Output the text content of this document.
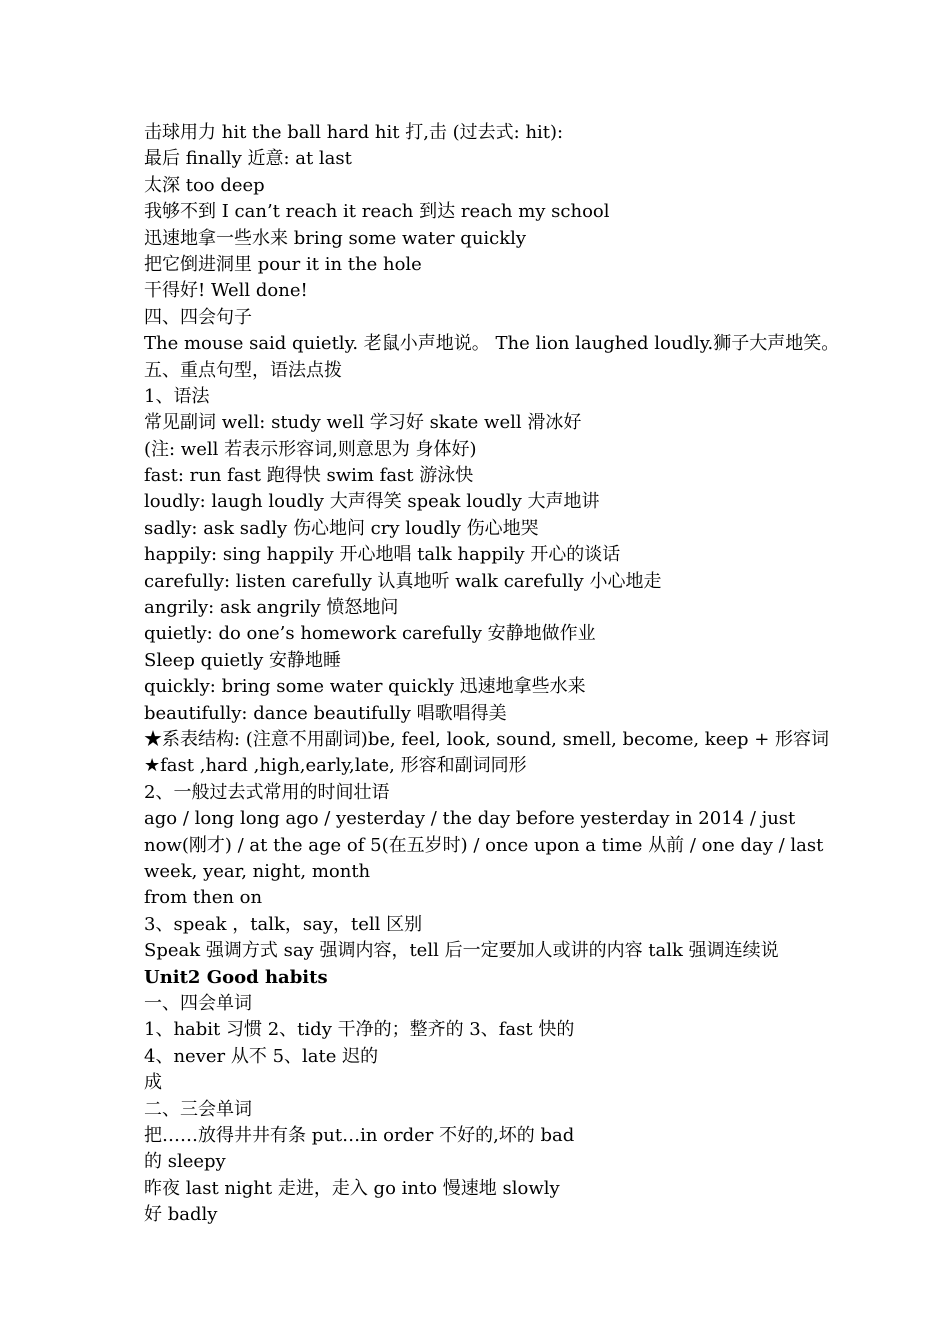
击球用力 hit the ball hard hit 打,击 (过去式: hit):
最后 finally 近意: at last
太深 too deep
我够不到 I can’t reach it reach 到达 reach my school
迅速地拿一些水来 bring some water quickly
把它倒进洞里 pour it in the hole
干得好! Well done!
四、四会句子
The mouse said quietly. 老鼠小声地说。 The lion laughed loudly.狮子大声地笑。
五、重点句型，语法点拨
1、语法
常见副词 well: study well 学习好 skate well 滑冰好
(注: well 若表示形容词,则意思为 身体好)
fast: run fast 跑得快 swim fast 游泳快
loudly: laugh loudly 大声得笑 speak loudly 大声地讲
sadly: ask sadly 伤心地问 cry loudly 伤心地哭
happily: sing happily 开心地唱 talk happily 开心的谈话
carefully: listen carefully 认真地听 walk carefully 小心地走
angrily: ask angrily 愤怒地问
quietly: do one’s homework carefully 安静地做作业
Sleep quietly 安静地睡
quickly: bring some water quickly 迅速地拿些水来
beautifully: dance beautifully 唱歌唱得美
★系表结构: (注意不用副词)be, feel, look, sound, smell, become, keep + 形容词
★fast ,hard ,high,early,late, 形容和副词同形
2、一般过去式常用的时间壮语
ago / long long ago / yesterday / the day before yesterday in 2014 / just now(刚才) / at the age of 5(在五岁时) / once upon a time 从前 / one day / last week, year, night, month
from then on
3、speak ，talk，say，tell 区别
Speak 强调方式 say 强调内容，tell 后一定要加人或讲的内容 talk 强调连续说
Unit2 Good habits
一、四会单词
1、habit 习惯 2、tidy 干净的；整齐的 3、fast 快的
4、never 从不 5、late 迟的
成
二、三会单词
把……放得井井有条 put…in order 不好的,坏的 bad
的 sleepy
昨夜 last night 走进，走入 go into 慢速地 slowly
好 badly
